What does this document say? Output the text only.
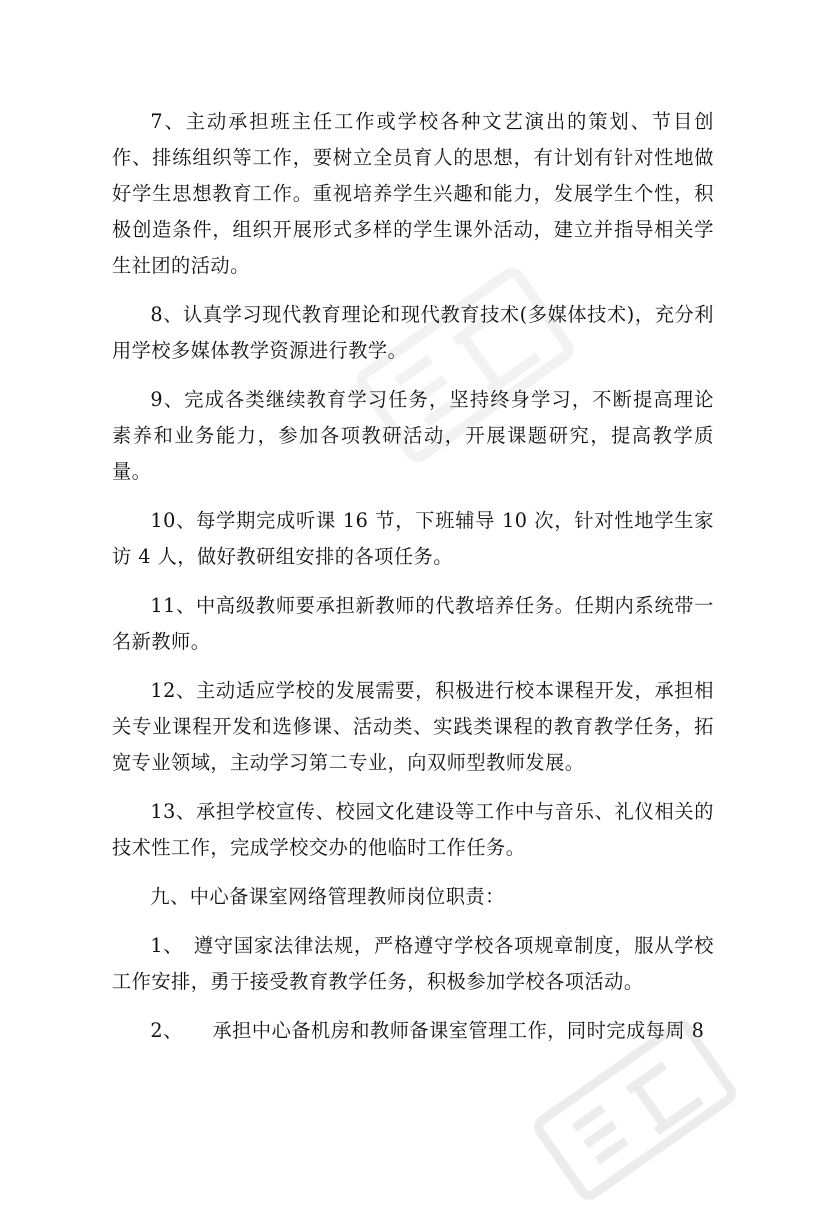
7、主动承担班主任工作或学校各种文艺演出的策划、节目创作、排练组织等工作，要树立全员育人的思想，有计划有针对性地做好学生思想教育工作。重视培养学生兴趣和能力，发展学生个性，积极创造条件，组织开展形式多样的学生课外活动，建立并指导相关学生社团的活动。

8、认真学习现代教育理论和现代教育技术(多媒体技术)，充分利用学校多媒体教学资源进行教学。

9、完成各类继续教育学习任务，坚持终身学习，不断提高理论素养和业务能力，参加各项教研活动，开展课题研究，提高教学质量。

10、每学期完成听课 16 节，下班辅导 10 次，针对性地学生家访 4 人，做好教研组安排的各项任务。

11、中高级教师要承担新教师的代教培养任务。任期内系统带一名新教师。

12、主动适应学校的发展需要，积极进行校本课程开发，承担相关专业课程开发和选修课、活动类、实践类课程的教育教学任务，拓宽专业领域，主动学习第二专业，向双师型教师发展。

13、承担学校宣传、校园文化建设等工作中与音乐、礼仪相关的技术性工作，完成学校交办的他临时工作任务。

九、中心备课室网络管理教师岗位职责：

1、　遵守国家法律法规，严格遵守学校各项规章制度，服从学校工作安排，勇于接受教育教学任务，积极参加学校各项活动。

2、　　承担中心备机房和教师备课室管理工作，同时完成每周 8
